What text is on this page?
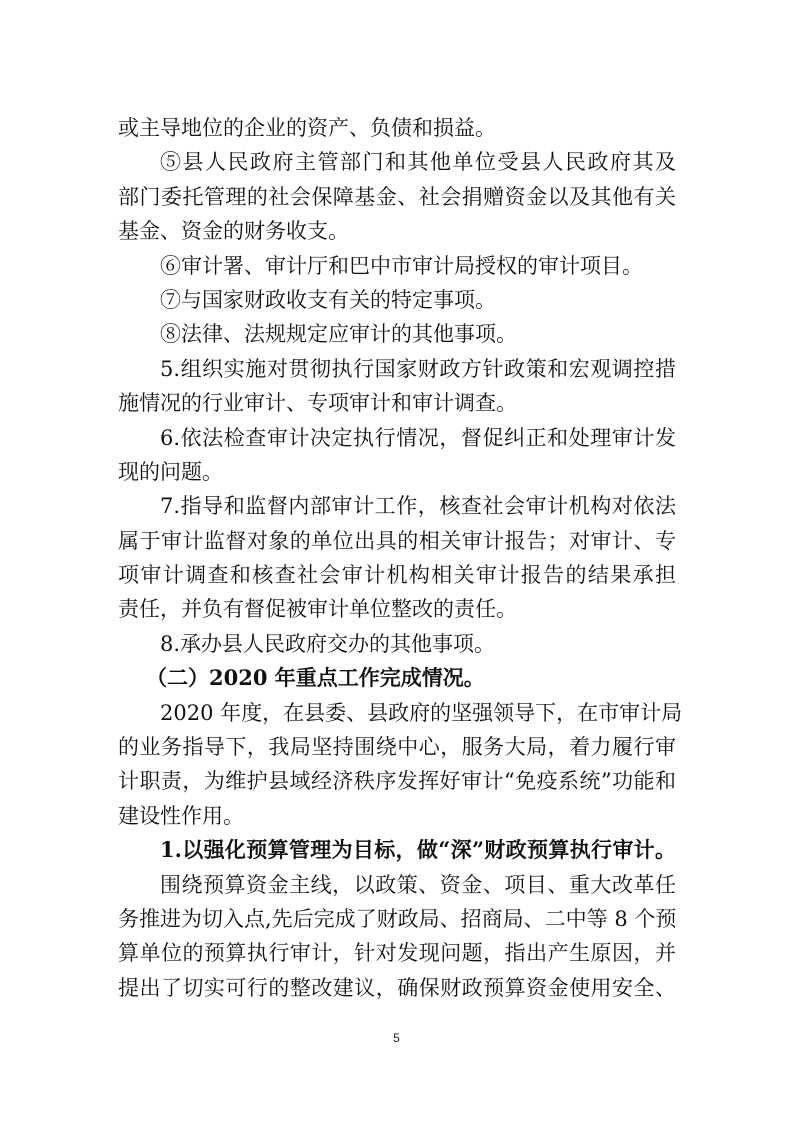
或主导地位的企业的资产、负债和损益。
⑤县人民政府主管部门和其他单位受县人民政府其及
部门委托管理的社会保障基金、社会捐赠资金以及其他有关
基金、资金的财务收支。
⑥审计署、审计厅和巴中市审计局授权的审计项目。
⑦与国家财政收支有关的特定事项。
⑧法律、法规规定应审计的其他事项。
5.组织实施对贯彻执行国家财政方针政策和宏观调控措
施情况的行业审计、专项审计和审计调查。
6.依法检查审计决定执行情况，督促纠正和处理审计发
现的问题。
7.指导和监督内部审计工作，核查社会审计机构对依法
属于审计监督对象的单位出具的相关审计报告；对审计、专
项审计调查和核查社会审计机构相关审计报告的结果承担
责任，并负有督促被审计单位整改的责任。
8.承办县人民政府交办的其他事项。
（二）2020 年重点工作完成情况。
2020 年度，在县委、县政府的坚强领导下，在市审计局
的业务指导下，我局坚持围绕中心，服务大局，着力履行审
计职责，为维护县域经济秩序发挥好审计“免疫系统”功能和
建设性作用。
1.以强化预算管理为目标，做“深”财政预算执行审计。
围绕预算资金主线，以政策、资金、项目、重大改革任
务推进为切入点,先后完成了财政局、招商局、二中等 8 个预
算单位的预算执行审计，针对发现问题，指出产生原因，并
提出了切实可行的整改建议，确保财政预算资金使用安全、
5
